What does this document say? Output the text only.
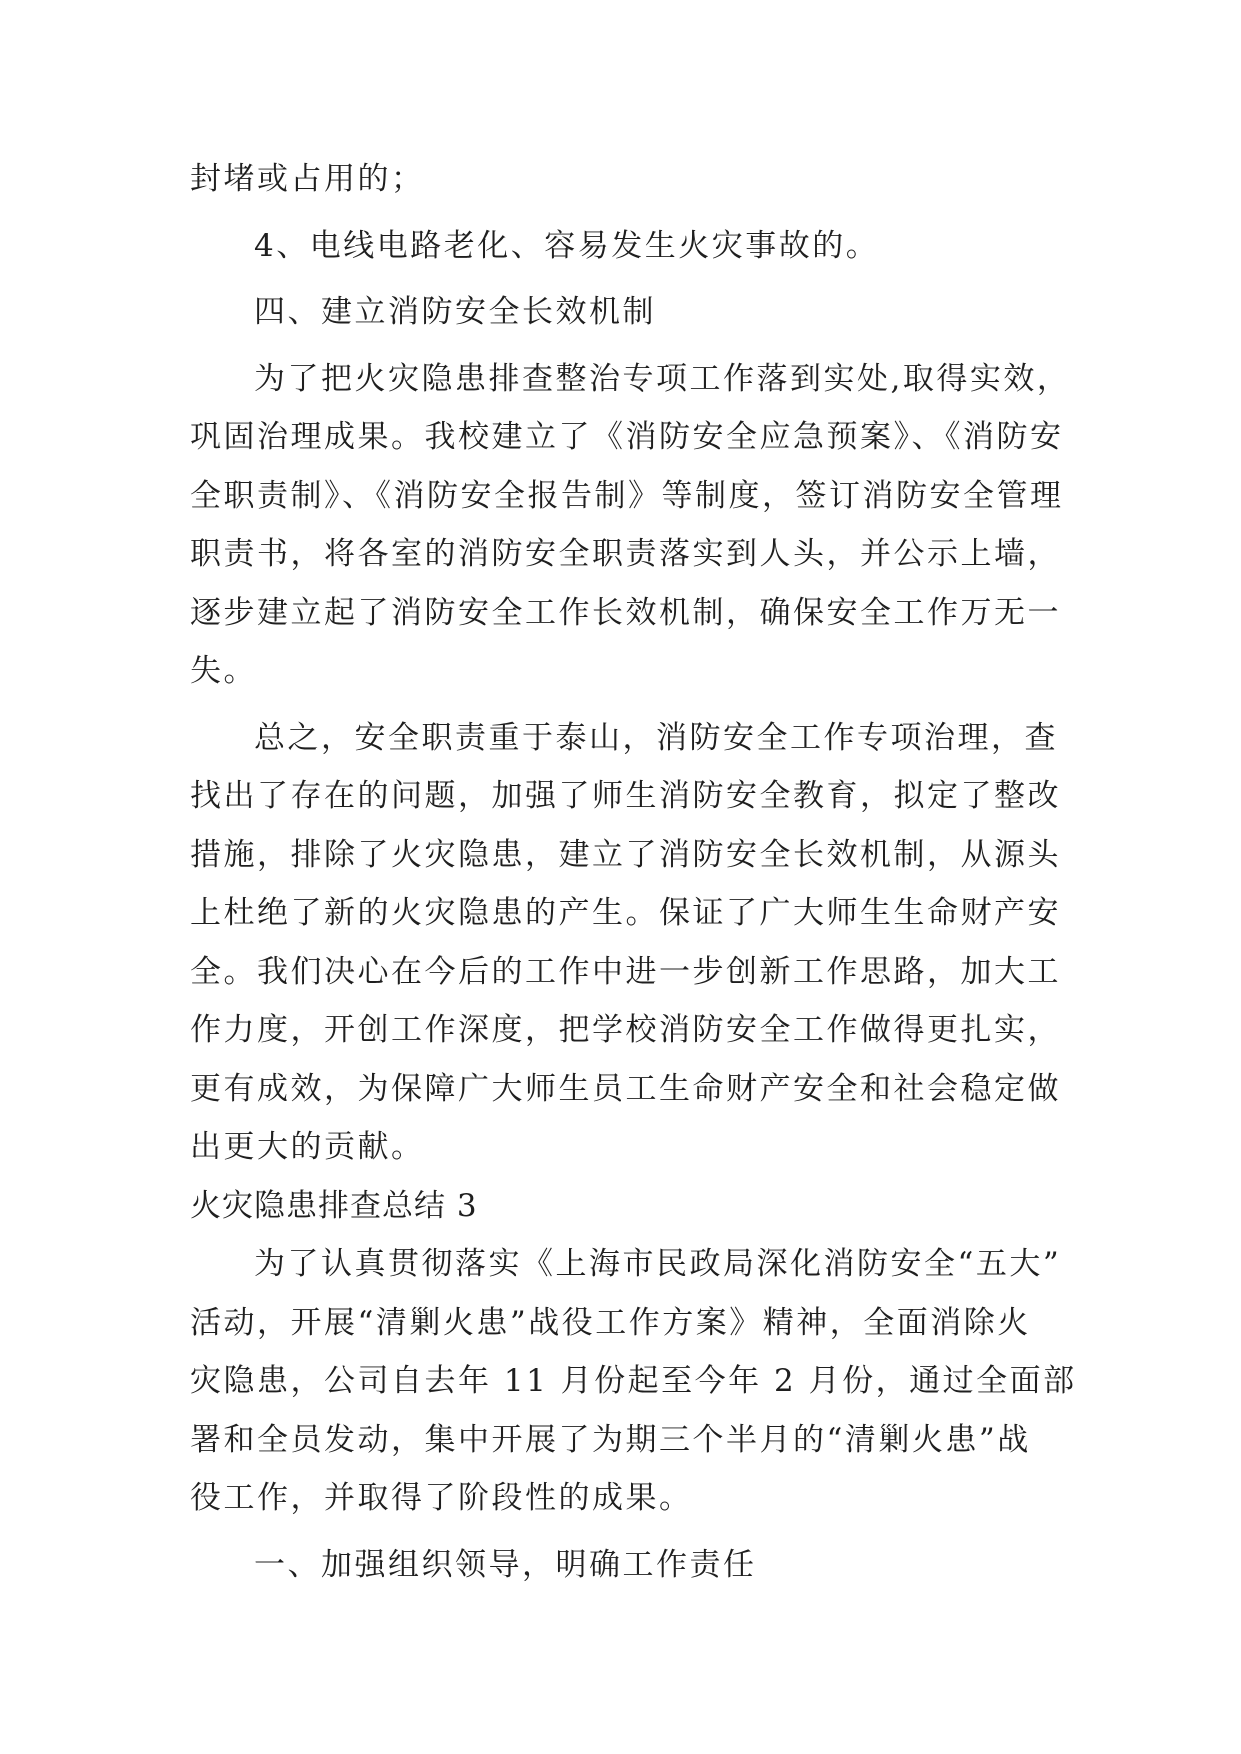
封堵或占用的；
4、电线电路老化、容易发生火灾事故的。
四、建立消防安全长效机制
为了把火灾隐患排查整治专项工作落到实处,取得实效，
巩固治理成果。我校建立了《消防安全应急预案》、《消防安
全职责制》、《消防安全报告制》等制度，签订消防安全管理
职责书，将各室的消防安全职责落实到人头，并公示上墙，
逐步建立起了消防安全工作长效机制，确保安全工作万无一
失。
总之，安全职责重于泰山，消防安全工作专项治理，查
找出了存在的问题，加强了师生消防安全教育，拟定了整改
措施，排除了火灾隐患，建立了消防安全长效机制，从源头
上杜绝了新的火灾隐患的产生。保证了广大师生生命财产安
全。我们决心在今后的工作中进一步创新工作思路，加大工
作力度，开创工作深度，把学校消防安全工作做得更扎实，
更有成效，为保障广大师生员工生命财产安全和社会稳定做
出更大的贡献。
火灾隐患排查总结 3
为了认真贯彻落实《上海市民政局深化消防安全“五大”
活动，开展“清剿火患”战役工作方案》精神，全面消除火
灾隐患，公司自去年 11 月份起至今年 2 月份，通过全面部
署和全员发动，集中开展了为期三个半月的“清剿火患”战
役工作，并取得了阶段性的成果。
一、加强组织领导，明确工作责任
